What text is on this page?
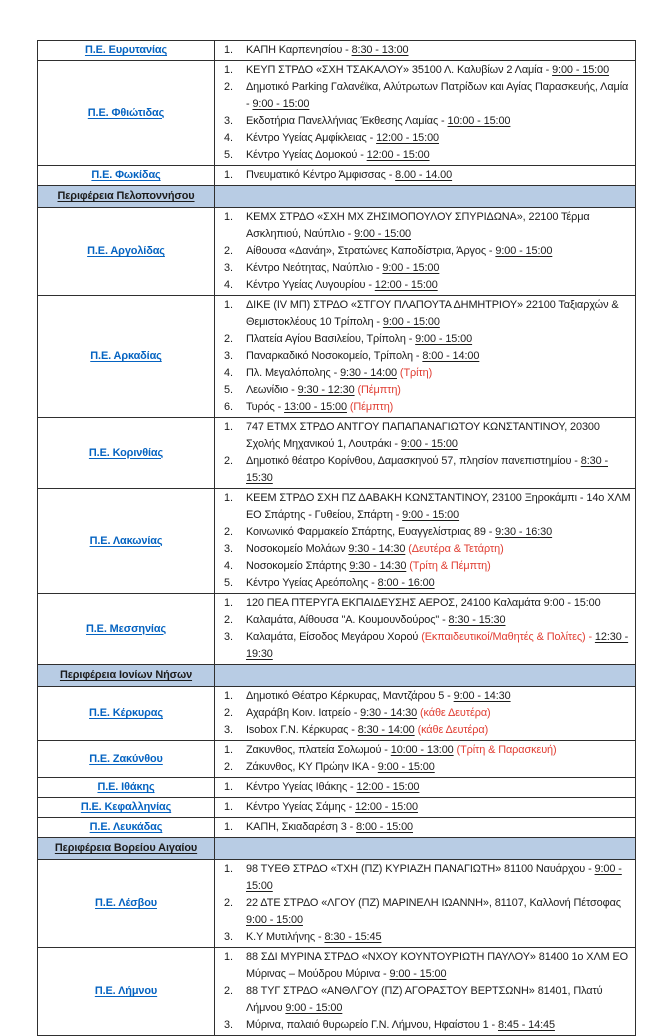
Π.Ε. Ευρυτανίας	1.	ΚΑΠΗ Καρπενησίου - 8:30 - 13:00

Π.Ε. Φθιώτιδας	
1.	ΚΕΥΠ ΣΤΡΔΟ «ΣΧΗ ΤΣΑΚΑΛΟΥ» 35100 Λ. Καλυβίων 2 Λαμία - 9:00 - 15:00
2.	Δημοτικό Parking Γαλανέϊκα, Αλύτρωτων Πατρίδων και Αγίας Παρασκευής, Λαμία - 9:00 - 15:00
3.	Εκδοτήρια Πανελλήνιας Έκθεσης Λαμίας - 10:00 - 15:00
4.	Κέντρο Υγείας Αμφίκλειας - 12:00 - 15:00
5.	Κέντρο Υγείας Δομοκού - 12:00 - 15:00

Π.Ε. Φωκίδας	1.	Πνευματικό Κέντρο Άμφισσας - 8.00 - 14.00

Περιφέρεια Πελοποννήσου	

Π.Ε. Αργολίδας	
1.	ΚΕΜΧ ΣΤΡΔΟ «ΣΧΗ ΜΧ ΖΗΣΙΜΟΠΟΥΛΟΥ ΣΠΥΡΙΔΩΝΑ», 22100 Τέρμα Ασκληπιού, Ναύπλιο - 9:00 - 15:00
2.	Αίθουσα «Δανάη», Στρατώνες Καποδίστρια, Άργος - 9:00 - 15:00
3.	Κέντρο Νεότητας, Ναύπλιο - 9:00 - 15:00
4.	Κέντρο Υγείας Λυγουρίου - 12:00 - 15:00

Π.Ε. Αρκαδίας	
1.	ΔΙΚΕ (IV ΜΠ) ΣΤΡΔΟ «ΣΤΓΟΥ ΠΛΑΠΟΥΤΑ ΔΗΜΗΤΡΙΟΥ» 22100 Ταξιαρχών & Θεμιστοκλέους 10 Τρίπολη - 9:00 - 15:00
2.	Πλατεία Αγίου Βασιλείου, Τρίπολη - 9:00 - 15:00
3.	Παναρκαδικό Νοσοκομείο, Τρίπολη - 8:00 - 14:00
4.	Πλ. Μεγαλόπολης - 9:30 - 14:00 (Τρίτη)
5.	Λεωνίδιο - 9:30 - 12:30 (Πέμπτη)
6.	Τυρός - 13:00 - 15:00 (Πέμπτη)

Π.Ε. Κορινθίας	
1.	747 ΕΤΜΧ ΣΤΡΔΟ ΑΝΤΓΟΥ ΠΑΠΑΠΑΝΑΓΙΩΤΟΥ ΚΩΝΣΤΑΝΤΙΝΟΥ, 20300 Σχολής Μηχανικού 1, Λουτράκι - 9:00 - 15:00
2.	Δημοτικό θέατρο Κορίνθου, Δαμασκηνού 57, πλησίον πανεπιστημίου - 8:30 - 15:30

Π.Ε. Λακωνίας	
1.	ΚΕΕΜ ΣΤΡΔΟ ΣΧΗ ΠΖ ΔΑΒΑΚΗ ΚΩΝΣΤΑΝΤΙΝΟΥ, 23100 Ξηροκάμπι - 14ο ΧΛΜ ΕΟ Σπάρτης - Γυθείου, Σπάρτη - 9:00 - 15:00
2.	Κοινωνικό Φαρμακείο Σπάρτης, Ευαγγελίστριας 89 - 9:30 - 16:30
3.	Νοσοκομείο Μολάων 9:30 - 14:30 (Δευτέρα & Τετάρτη)
4.	Νοσοκομείο Σπάρτης 9:30 - 14:30 (Τρίτη & Πέμπτη)
5.	Κέντρο Υγείας Αρεόπολης - 8:00 - 16:00

Π.Ε. Μεσσηνίας	
1.	120 ΠΕΑ ΠΤΕΡΥΓΑ ΕΚΠΑΙΔΕΥΣΗΣ ΑΕΡΟΣ, 24100 Καλαμάτα 9:00 - 15:00
2.	Καλαμάτα, Αίθουσα "Α. Κουμουνδούρος" - 8:30 - 15:30
3.	Καλαμάτα, Είσοδος Μεγάρου Χορού (Εκπαιδευτικοί/Μαθητές & Πολίτες) - 12:30 - 19:30

Περιφέρεια Ιονίων Νήσων	

Π.Ε. Κέρκυρας	
1.	Δημοτικό Θέατρο Κέρκυρας, Μαντζάρου 5 - 9:00 - 14:30
2.	Αχαράβη Κοιν. Ιατρείο - 9:30 - 14:30 (κάθε Δευτέρα)
3.	Isobox Γ.Ν. Κέρκυρας - 8:30 - 14:00 (κάθε Δευτέρα)

Π.Ε. Ζακύνθου	
1.	Ζακυνθος, πλατεία Σολωμού - 10:00 - 13:00 (Τρίτη & Παρασκευή)
2.	Ζάκυνθος, ΚΥ Πρώην ΙΚΑ - 9:00 - 15:00

Π.Ε. Ιθάκης	1.	Κέντρο Υγείας Ιθάκης - 12:00 - 15:00

Π.Ε. Κεφαλληνίας	1.	Κέντρο Υγείας Σάμης - 12:00 - 15:00

Π.Ε. Λευκάδας	1.	ΚΑΠΗ, Σκιαδαρέση 3 - 8:00 - 15:00

Περιφέρεια Βορείου Αιγαίου	

Π.Ε. Λέσβου	
1.	98 ΤΥΕΘ ΣΤΡΔΟ «ΤΧΗ (ΠΖ) ΚΥΡΙΑΖΗ ΠΑΝΑΓΙΩΤΗ» 81100 Ναυάρχου - 9:00 - 15:00
2.	22 ΔΤΕ ΣΤΡΔΟ «ΛΓΟΥ (ΠΖ) ΜΑΡΙΝΕΛΗ ΙΩΑΝΝΗ», 81107, Καλλονή Πέτσοφας 9:00 - 15:00
3.	Κ.Υ Μυτιλήνης - 8:30 - 15:45

Π.Ε. Λήμνου	
1.	88 ΣΔΙ ΜΥΡΙΝΑ ΣΤΡΔΟ «ΝΧΟΥ ΚΟΥΝΤΟΥΡΙΩΤΗ ΠΑΥΛΟΥ» 81400 1ο ΧΛΜ ΕΟ Μύρινας – Μούδρου Μύρινα - 9:00 - 15:00
2.	88 ΤΥΓ ΣΤΡΔΟ «ΑΝΘΛΓΟΥ (ΠΖ) ΑΓΟΡΑΣΤΟΥ ΒΕΡΤΣΩΝΗ» 81401, Πλατύ Λήμνου 9:00 - 15:00
3.	Μύρινα, παλαιό θυρωρείο Γ.Ν. Λήμνου, Ηφαίστου 1 - 8:45 - 14:45
